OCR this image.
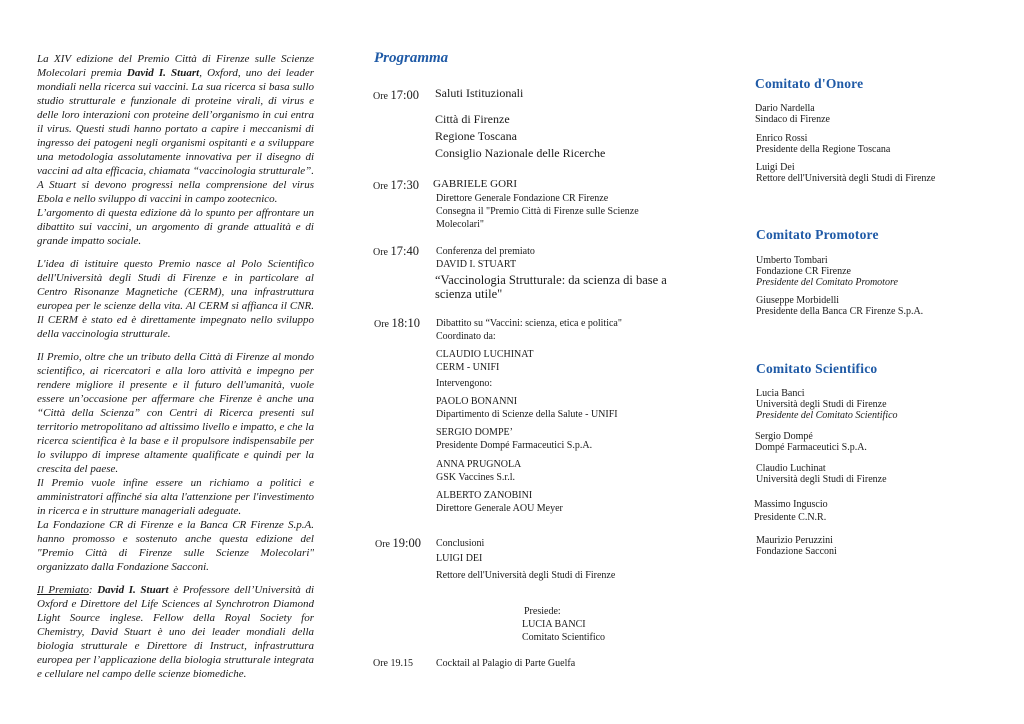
La XIV edizione del Premio Città di Firenze sulle Scienze Molecolari premia David I. Stuart, Oxford, uno dei leader mondiali nella ricerca sui vaccini. La sua ricerca si basa sullo studio strutturale e funzionale di proteine virali, di virus e delle loro interazioni con proteine dell’organismo in cui entra il virus. Questi studi hanno portato a capire i meccanismi di ingresso dei patogeni negli organismi ospitanti e a sviluppare una metodologia assolutamente innovativa per il disegno di vaccini ad alta efficacia, chiamata “vaccinologia strutturale”. A Stuart si devono progressi nella comprensione del virus Ebola e nello sviluppo di vaccini in campo zootecnico.

L’argomento di questa edizione dà lo spunto per affrontare un dibattito sui vaccini, un argomento di grande attualità e di grande impatto sociale.

L'idea di istituire questo Premio nasce al Polo Scientifico dell'Università degli Studi di Firenze e in particolare al Centro Risonanze Magnetiche (CERM), una infrastruttura europea per le scienze della vita. Al CERM si affianca il CNR. Il CERM è stato ed è direttamente impegnato nello sviluppo della vaccinologia strutturale.

Il Premio, oltre che un tributo della Città di Firenze al mondo scientifico, ai ricercatori e alla loro attività e impegno per rendere migliore il presente e il futuro dell'umanità, vuole essere un’occasione per affermare che Firenze è anche una “Città della Scienza” con Centri di Ricerca presenti sul territorio metropolitano ad altissimo livello e impatto, e che la ricerca scientifica è la base e il propulsore indispensabile per lo sviluppo di imprese altamente qualificate e quindi per la crescita del paese.

Il Premio vuole infine essere un richiamo a politici e amministratori affinché sia alta l'attenzione per l'investimento in ricerca e in strutture manageriali adeguate.

La Fondazione CR di Firenze e la Banca CR Firenze S.p.A. hanno promosso e sostenuto anche questa edizione del "Premio Città di Firenze sulle Scienze Molecolari" organizzato dalla Fondazione Sacconi.

Il Premiato: David I. Stuart è Professore dell’Università di Oxford e Direttore del Life Sciences al Synchrotron Diamond Light Source inglese. Fellow della Royal Society for Chemistry, David Stuart è uno dei leader mondiali della biologia strutturale e Direttore di Instruct, infrastruttura europea per l’applicazione della biologia strutturale integrata e cellulare nel campo delle scienze biomediche.

Programma
Ore 17:00 Saluti Istituzionali
Città di Firenze
Regione Toscana
Consiglio Nazionale delle Ricerche
Ore 17:30 GABRIELE GORI
Direttore Generale Fondazione CR Firenze
Consegna il "Premio Città di Firenze sulle Scienze
Molecolari"
Ore 17:40 Conferenza del premiato
DAVID I. STUART
“Vaccinologia Strutturale: da scienza di base a
scienza utile"
Ore 18:10 Dibattito su “Vaccini: scienza, etica e politica"
Coordinato da:
CLAUDIO LUCHINAT
CERM - UNIFI
Intervengono:
PAOLO BONANNI
Dipartimento di Scienze della Salute - UNIFI
SERGIO DOMPE’
Presidente Dompé Farmaceutici S.p.A.
ANNA PRUGNOLA
GSK Vaccines S.r.l.
ALBERTO ZANOBINI
Direttore Generale AOU Meyer
Ore 19:00 Conclusioni
LUIGI DEI
Rettore dell'Università degli Studi di Firenze
Presiede:
LUCIA BANCI
Comitato Scientifico
Ore 19.15 Cocktail al Palagio di Parte Guelfa
Comitato d'Onore
Dario Nardella
Sindaco di Firenze
Enrico Rossi
Presidente della Regione Toscana
Luigi Dei
Rettore dell'Università degli Studi di Firenze
Comitato Promotore
Umberto Tombari
Fondazione CR Firenze
Presidente del Comitato Promotore
Giuseppe Morbidelli
Presidente della Banca CR Firenze S.p.A.
Comitato Scientifico
Lucia Banci
Università degli Studi di Firenze
Presidente del Comitato Scientifico
Sergio Dompé
Dompé Farmaceutici S.p.A.
Claudio Luchinat
Università degli Studi di Firenze
Massimo Inguscio
Presidente C.N.R.
Maurizio Peruzzini
Fondazione Sacconi
